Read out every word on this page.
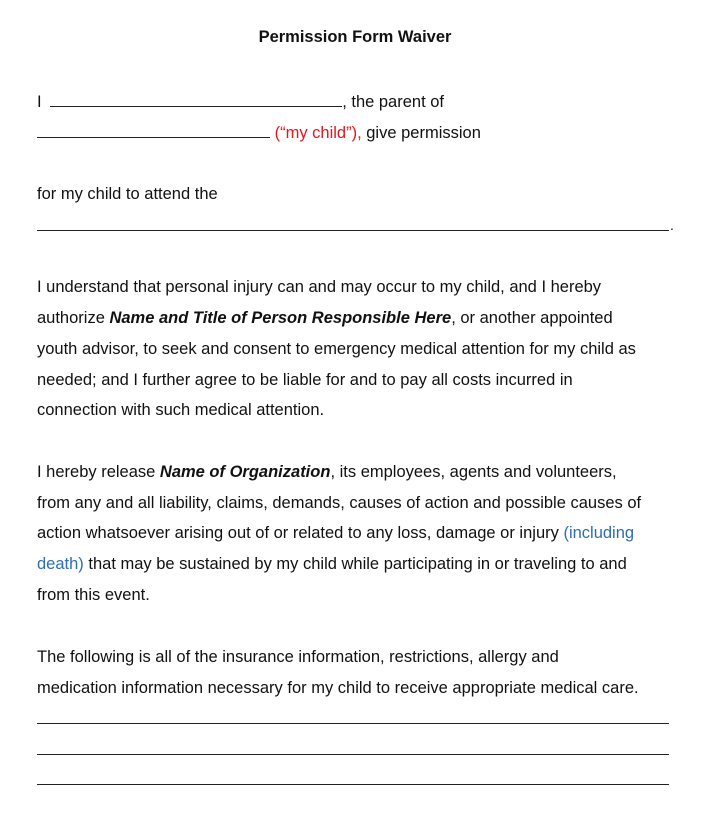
Permission Form Waiver
I	, the parent of
(“my child”), give permission
for my child to attend the
.
I understand that personal injury can and may occur to my child, and I hereby
authorize Name and Title of Person Responsible Here, or another appointed
youth advisor, to seek and consent to emergency medical attention for my child as
needed; and I further agree to be liable for and to pay all costs incurred in
connection with such medical attention.
I hereby release Name of Organization, its employees, agents and volunteers,
from any and all liability, claims, demands, causes of action and possible causes of
action whatsoever arising out of or related to any loss, damage or injury (including
death) that may be sustained by my child while participating in or traveling to and
from this event.
The following is all of the insurance information, restrictions, allergy and
medication information necessary for my child to receive appropriate medical care.
